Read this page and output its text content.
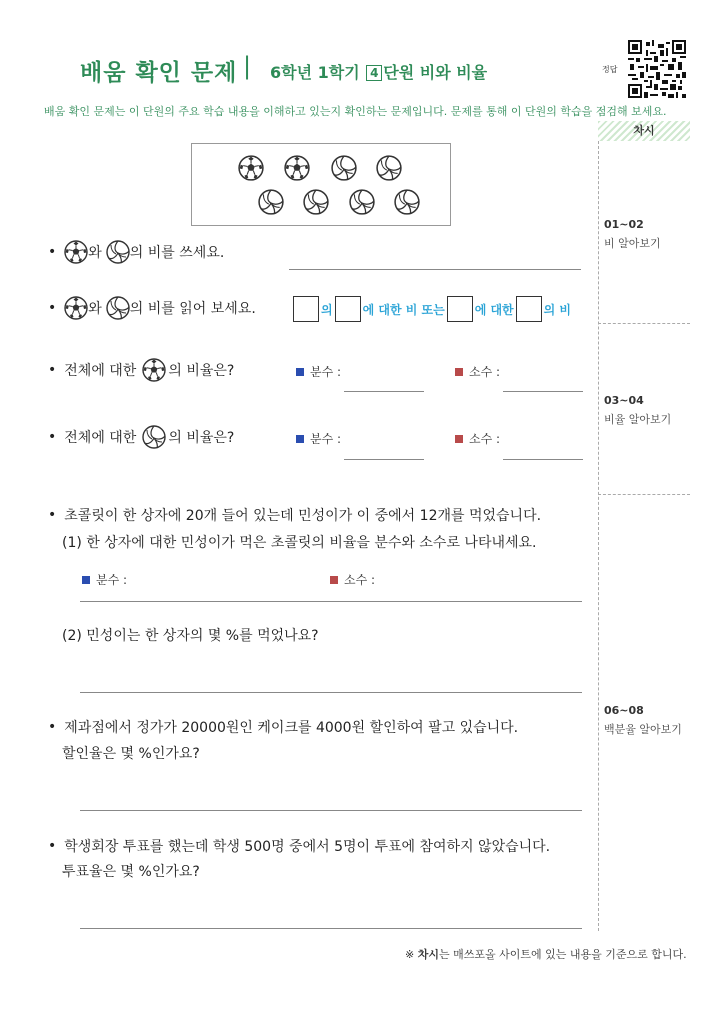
배움 확인 문제 | 6학년 1학기 4 단원 비와 비율	정답
배움 확인 문제는 이 단원의 주요 학습 내용을 이해하고 있는지 확인하는 문제입니다. 문제를 통해 이 단원의 학습을 점검해 보세요.
차시
01~02
비 알아보기
03~04
비율 알아보기
06~08
백분율 알아보기
• 와 의 비를 쓰세요.
• 와 의 비를 읽어 보세요.	의	에 대한 비 또는	에 대한	의 비
• 전체에 대한 의 비율은?	분수 :	소수 :
• 전체에 대한 의 비율은?	분수 :	소수 :
• 초콜릿이 한 상자에 20개 들어 있는데 민성이가 이 중에서 12개를 먹었습니다.
(1) 한 상자에 대한 민성이가 먹은 초콜릿의 비율을 분수와 소수로 나타내세요.
분수 :	소수 :
(2) 민성이는 한 상자의 몇 %를 먹었나요?
• 제과점에서 정가가 20000원인 케이크를 4000원 할인하여 팔고 있습니다.
할인율은 몇 %인가요?
• 학생회장 투표를 했는데 학생 500명 중에서 5명이 투표에 참여하지 않았습니다.
투표율은 몇 %인가요?
※ 차시는 매쓰포올 사이트에 있는 내용을 기준으로 합니다.
